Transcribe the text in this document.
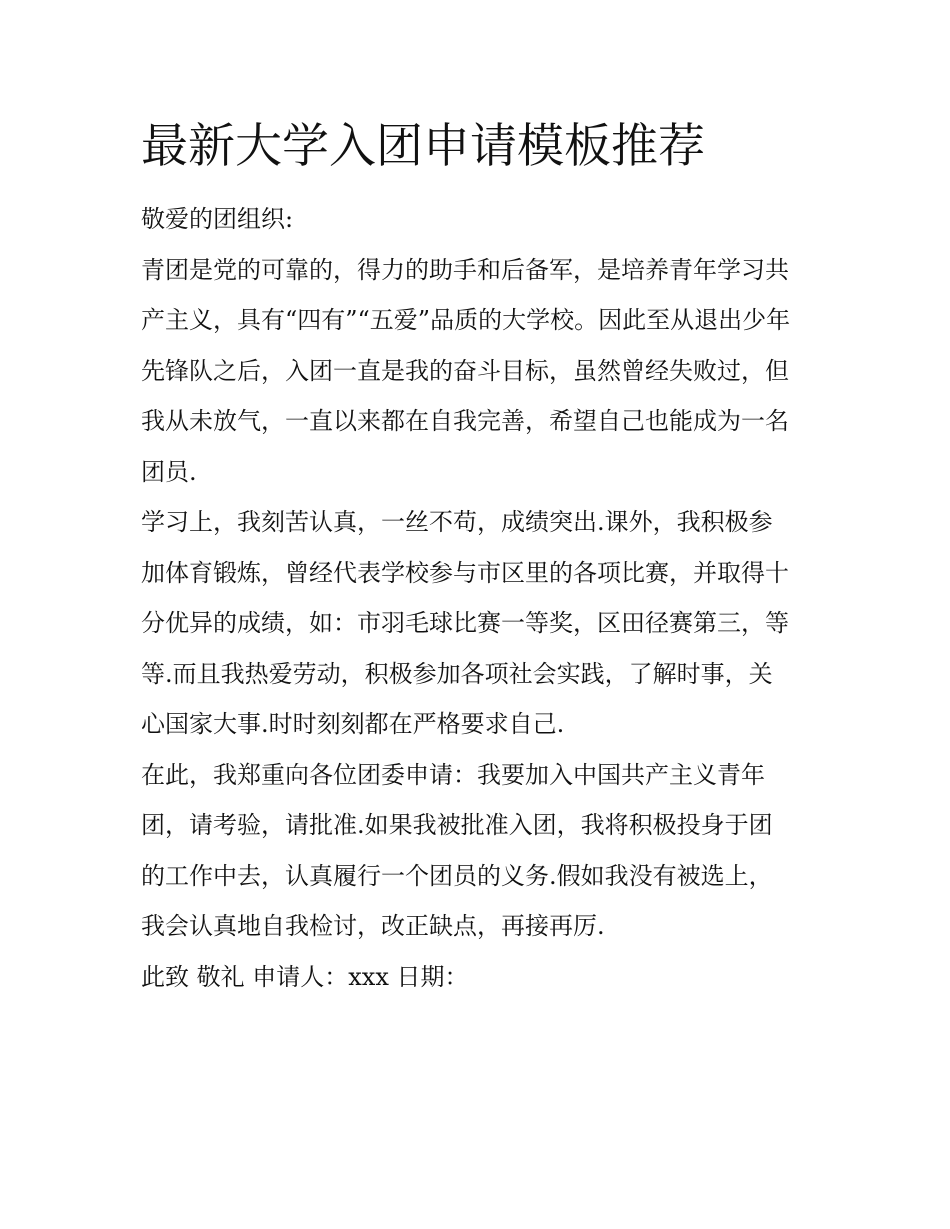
最新大学入团申请模板推荐

敬爱的团组织:

青团是党的可靠的，得力的助手和后备军，是培养青年学习共
产主义，具有“四有”“五爱”品质的大学校。因此至从退出少年
先锋队之后，入团一直是我的奋斗目标，虽然曾经失败过，但
我从未放气，一直以来都在自我完善，希望自己也能成为一名
团员.

学习上，我刻苦认真，一丝不苟，成绩突出.课外，我积极参
加体育锻炼，曾经代表学校参与市区里的各项比赛，并取得十
分优异的成绩，如：市羽毛球比赛一等奖，区田径赛第三，等
等.而且我热爱劳动，积极参加各项社会实践，了解时事，关
心国家大事.时时刻刻都在严格要求自己.

在此，我郑重向各位团委申请：我要加入中国共产主义青年
团，请考验，请批准.如果我被批准入团，我将积极投身于团
的工作中去，认真履行一个团员的义务.假如我没有被选上，
我会认真地自我检讨，改正缺点，再接再厉.

此致 敬礼 申请人：xxx 日期：
